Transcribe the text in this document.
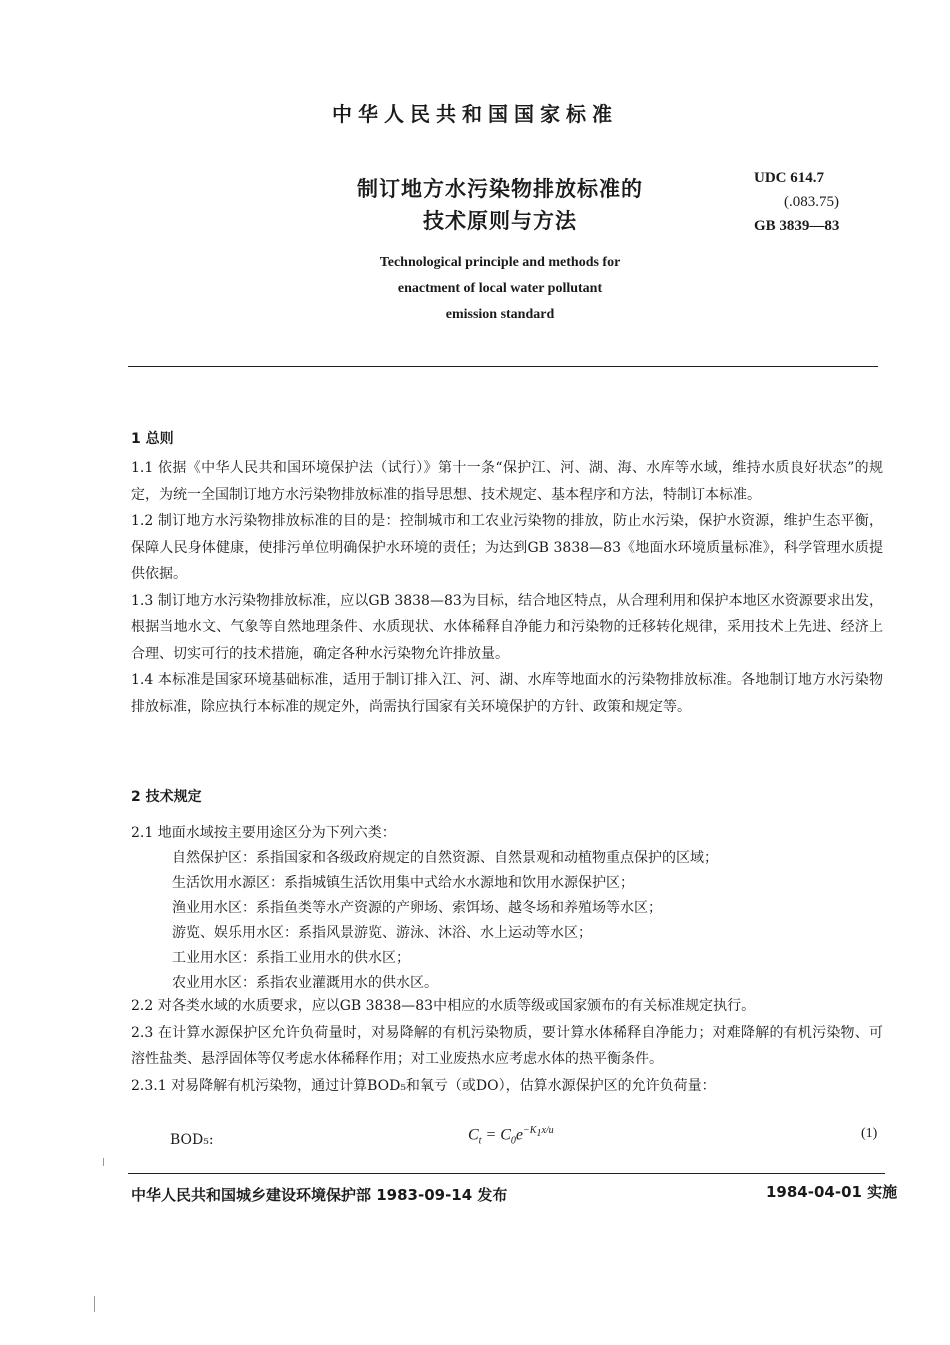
中华人民共和国国家标准
制订地方水污染物排放标准的
技术原则与方法
UDC 614.7
(.083.75)
GB 3839—83
Technological principle and methods for
enactment of local water pollutant
emission standard
1 总则

1.1 依据《中华人民共和国环境保护法（试行）》第十一条“保护江、河、湖、海、水库等水域，维持水质良好状态”的规定，为统一全国制订地方水污染物排放标准的指导思想、技术规定、基本程序和方法，特制订本标准。

1.2 制订地方水污染物排放标准的目的是：控制城市和工农业污染物的排放，防止水污染，保护水资源，维护生态平衡，保障人民身体健康，使排污单位明确保护水环境的责任；为达到GB 3838—83《地面水环境质量标准》，科学管理水质提供依据。

1.3 制订地方水污染物排放标准，应以GB 3838—83为目标，结合地区特点，从合理利用和保护本地区水资源要求出发，根据当地水文、气象等自然地理条件、水质现状、水体稀释自净能力和污染物的迁移转化规律，采用技术上先进、经济上合理、切实可行的技术措施，确定各种水污染物允许排放量。

1.4 本标准是国家环境基础标准，适用于制订排入江、河、湖、水库等地面水的污染物排放标准。各地制订地方水污染物排放标准，除应执行本标准的规定外，尚需执行国家有关环境保护的方针、政策和规定等。

2 技术规定
2.1 地面水域按主要用途区分为下列六类：
自然保护区：系指国家和各级政府规定的自然资源、自然景观和动植物重点保护的区域；
生活饮用水源区：系指城镇生活饮用集中式给水水源地和饮用水源保护区；
渔业用水区：系指鱼类等水产资源的产卵场、索饵场、越冬场和养殖场等水区；
游览、娱乐用水区：系指风景游览、游泳、沐浴、水上运动等水区；
工业用水区：系指工业用水的供水区；
农业用水区：系指农业灌溉用水的供水区。

2.2 对各类水域的水质要求，应以GB 3838—83中相应的水质等级或国家颁布的有关标准规定执行。

2.3 在计算水源保护区允许负荷量时，对易降解的有机污染物质，要计算水体稀释自净能力；对难降解的有机污染物、可溶性盐类、悬浮固体等仅考虑水体稀释作用；对工业废热水应考虑水体的热平衡条件。

2.3.1 对易降解有机污染物，通过计算BOD₅和氧亏（或DO），估算水源保护区的允许负荷量：

BOD₅:	$C_t = C_0e^{-K_1x/u}$	(1)
中华人民共和国城乡建设环境保护部 1983-09-14 发布	1984-04-01 实施
